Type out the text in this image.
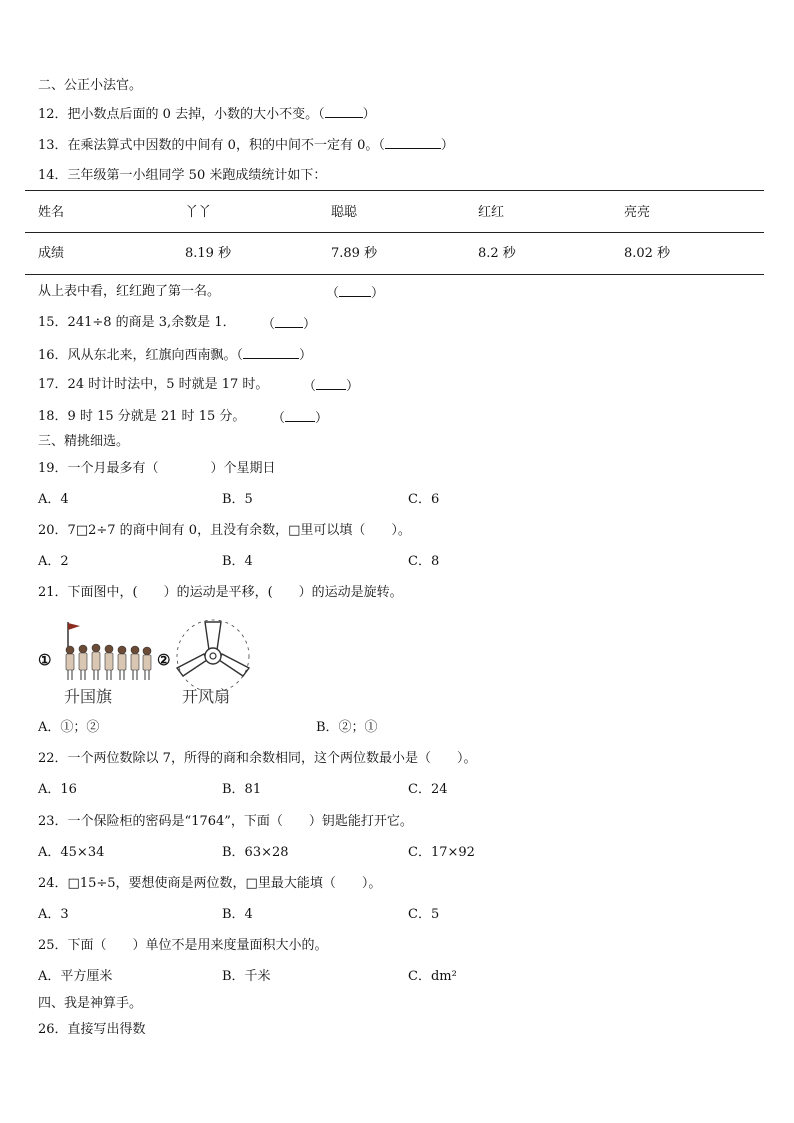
二、公正小法官。
12．把小数点后面的 0 去掉，小数的大小不变。（	）
13．在乘法算式中因数的中间有 0，积的中间不一定有 0。（	）
14．三年级第一小组同学 50 米跑成绩统计如下：
姓名	丫丫	聪聪	红红	亮亮
成绩	8.19 秒	7.89 秒	8.2 秒	8.02 秒
从上表中看，红红跑了第一名。	（ ）
15．241÷8 的商是 3,余数是 1． （ ）
16．风从东北来，红旗向西南飘。（	）
17．24 时计时法中，5 时就是 17 时。	（ ）
18．9 时 15 分就是 21 时 15 分。 （ ）
三、精挑细选。
19．一个月最多有（　　　　）个星期日
A．4	B．5	C．6
20．7□2÷7 的商中间有 0，且没有余数，□里可以填（　　）。
A．2	B．4	C．8
21．下面图中，(　　）的运动是平移，(　　）的运动是旋转。
①
升国旗
②
开风扇
A．①；②	B．②；①
22．一个两位数除以 7，所得的商和余数相同，这个两位数最小是（　　）。
A．16	B．81	C．24
23．一个保险柜的密码是“1764”，下面（　　）钥匙能打开它。
A．45×34	B．63×28	C．17×92
24．□15÷5，要想使商是两位数，□里最大能填（　　）。
A．3	B．4	C．5
25．下面（　　）单位不是用来度量面积大小的。
A．平方厘米	B．千米	C．dm²
四、我是神算手。
26．直接写出得数
